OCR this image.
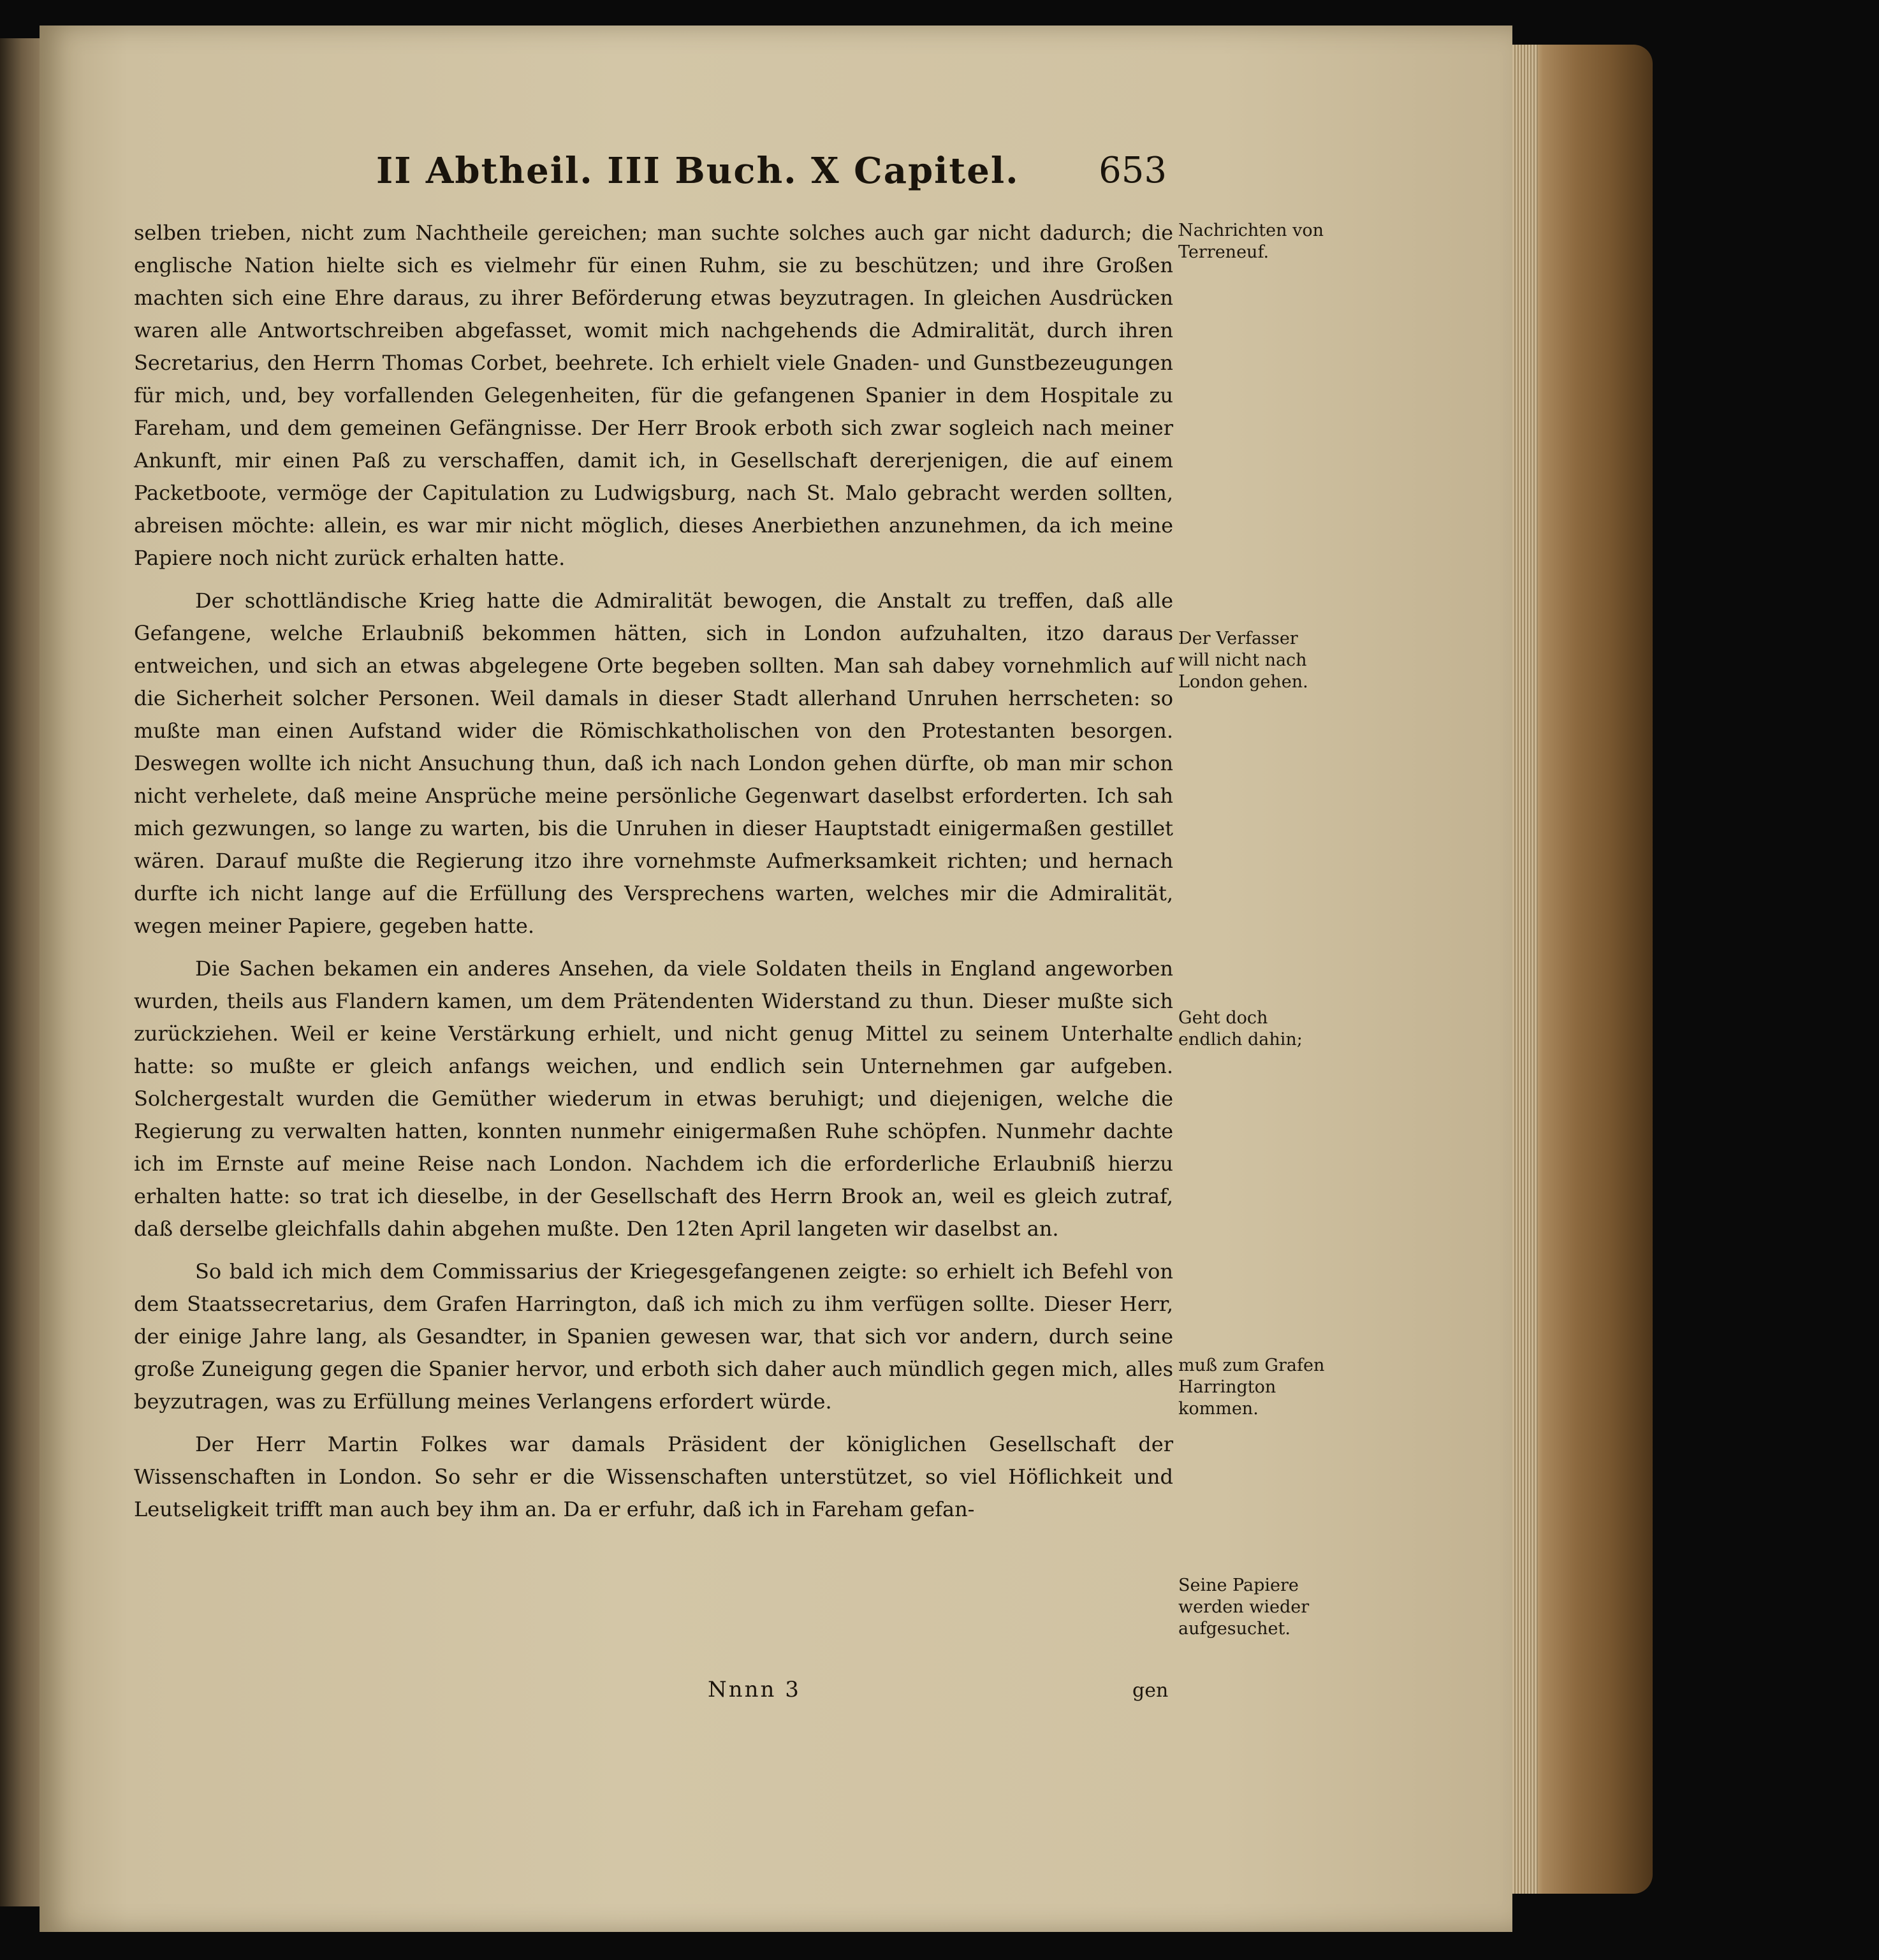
II Abtheil. III Buch. X Capitel. 653

selben trieben, nicht zum Nachtheile gereichen; man suchte solches auch gar nicht dadurch; die englische Nation hielte sich es vielmehr für einen Ruhm, sie zu beschützen; und ihre Großen machten sich eine Ehre daraus, zu ihrer Beförderung etwas beyzutragen. In gleichen Ausdrücken waren alle Antwortschreiben abgefasset, womit mich nachgehends die Admiralität, durch ihren Secretarius, den Herrn Thomas Corbet, beehrete. Ich erhielt viele Gnaden- und Gunstbezeugungen für mich, und, bey vorfallenden Gelegenheiten, für die gefangenen Spanier in dem Hospitale zu Fareham, und dem gemeinen Gefängnisse. Der Herr Brook erboth sich zwar sogleich nach meiner Ankunft, mir einen Paß zu verschaffen, damit ich, in Gesellschaft dererjenigen, die auf einem Packetboote, vermöge der Capitulation zu Ludwigsburg, nach St. Malo gebracht werden sollten, abreisen möchte: allein, es war mir nicht möglich, dieses Anerbiethen anzunehmen, da ich meine Papiere noch nicht zurück erhalten hatte.

Der schottländische Krieg hatte die Admiralität bewogen, die Anstalt zu treffen, daß alle Gefangene, welche Erlaubniß bekommen hätten, sich in London aufzuhalten, itzo daraus entweichen, und sich an etwas abgelegene Orte begeben sollten. Man sah dabey vornehmlich auf die Sicherheit solcher Personen. Weil damals in dieser Stadt allerhand Unruhen herrscheten: so mußte man einen Aufstand wider die Römischkatholischen von den Protestanten besorgen. Deswegen wollte ich nicht Ansuchung thun, daß ich nach London gehen dürfte, ob man mir schon nicht verhelete, daß meine Ansprüche meine persönliche Gegenwart daselbst erforderten. Ich sah mich gezwungen, so lange zu warten, bis die Unruhen in dieser Hauptstadt einigermaßen gestillet wären. Darauf mußte die Regierung itzo ihre vornehmste Aufmerksamkeit richten; und hernach durfte ich nicht lange auf die Erfüllung des Versprechens warten, welches mir die Admiralität, wegen meiner Papiere, gegeben hatte.

Die Sachen bekamen ein anderes Ansehen, da viele Soldaten theils in England angeworben wurden, theils aus Flandern kamen, um dem Prätendenten Widerstand zu thun. Dieser mußte sich zurückziehen. Weil er keine Verstärkung erhielt, und nicht genug Mittel zu seinem Unterhalte hatte: so mußte er gleich anfangs weichen, und endlich sein Unternehmen gar aufgeben. Solchergestalt wurden die Gemüther wiederum in etwas beruhigt; und diejenigen, welche die Regierung zu verwalten hatten, konnten nunmehr einigermaßen Ruhe schöpfen. Nunmehr dachte ich im Ernste auf meine Reise nach London. Nachdem ich die erforderliche Erlaubniß hierzu erhalten hatte: so trat ich dieselbe, in der Gesellschaft des Herrn Brook an, weil es gleich zutraf, daß derselbe gleichfalls dahin abgehen mußte. Den 12ten April langeten wir daselbst an.

So bald ich mich dem Commissarius der Kriegesgefangenen zeigte: so erhielt ich Befehl von dem Staatssecretarius, dem Grafen Harrington, daß ich mich zu ihm verfügen sollte. Dieser Herr, der einige Jahre lang, als Gesandter, in Spanien gewesen war, that sich vor andern, durch seine große Zuneigung gegen die Spanier hervor, und erboth sich daher auch mündlich gegen mich, alles beyzutragen, was zu Erfüllung meines Verlangens erfordert würde.

Der Herr Martin Folkes war damals Präsident der königlichen Gesellschaft der Wissenschaften in London. So sehr er die Wissenschaften unterstützet, so viel Höflichkeit und Leutseligkeit trifft man auch bey ihm an. Da er erfuhr, daß ich in Fareham gefan-

Nachrichten von Terreneuf.
Der Verfasser will nicht nach London gehen.
Geht doch endlich dahin;
muß zum Grafen Harrington kommen.
Seine Papiere werden wieder aufgesuchet.
Nnnn 3	gen
